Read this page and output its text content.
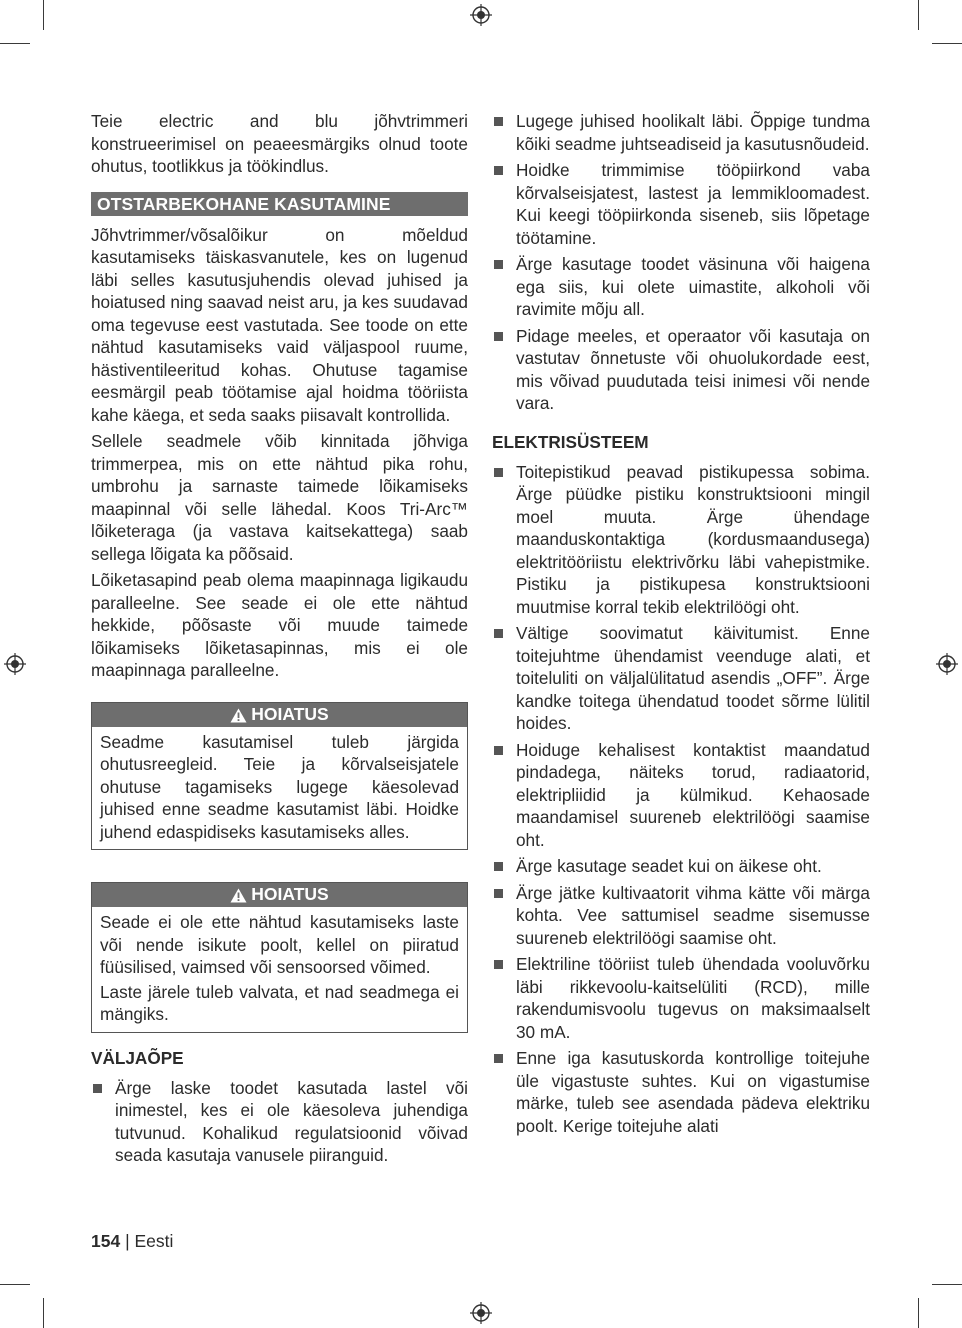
Teie electric and blu jõhvtrimmeri konstrueerimisel on peaeesmärgiks olnud toote ohutus, tootlikkus ja töökindlus.

OTSTARBEKOHANE KASUTAMINE

Jõhvtrimmer/võsalõikur on mõeldud kasutamiseks täiskasvanutele, kes on lugenud läbi selles kasutusjuhendis olevad juhised ja hoiatused ning saavad neist aru, ja kes suudavad oma tegevuse eest vastutada. See toode on ette nähtud kasutamiseks vaid väljaspool ruume, hästiventileeritud kohas. Ohutuse tagamise eesmärgil peab töötamise ajal hoidma tööriista kahe käega, et seda saaks piisavalt kontrollida.

Sellele seadmele võib kinnitada jõhviga trimmerpea, mis on ette nähtud pika rohu, umbrohu ja sarnaste taimede lõikamiseks maapinnal või selle lähedal. Koos Tri-Arc™ lõiketeraga (ja vastava kaitsekattega) saab sellega lõigata ka põõsaid.

Lõiketasapind peab olema maapinnaga ligikaudu paralleelne. See seade ei ole ette nähtud hekkide, põõsaste või muude taimede lõikamiseks lõiketasapinnas, mis ei ole maapinnaga paralleelne.

HOIATUS

Seadme kasutamisel tuleb järgida ohutusreegleid. Teie ja kõrvalseisjatele ohutuse tagamiseks lugege käesolevad juhised enne seadme kasutamist läbi. Hoidke juhend edaspidiseks kasutamiseks alles.

HOIATUS

Seade ei ole ette nähtud kasutamiseks laste või nende isikute poolt, kellel on piiratud füüsilised, vaimsed või sensoorsed võimed.

Laste järele tuleb valvata, et nad seadmega ei mängiks.

VÄLJAÕPE
Ärge laske toodet kasutada lastel või inimestel, kes ei ole käesoleva juhendiga tutvunud. Kohalikud regulatsioonid võivad seada kasutaja vanusele piiranguid.
Lugege juhised hoolikalt läbi. Õppige tundma kõiki seadme juhtseadiseid ja kasutusnõudeid.
Hoidke trimmimise tööpiirkond vaba kõrvalseisjatest, lastest ja lemmikloomadest. Kui keegi tööpiirkonda siseneb, siis lõpetage töötamine.
Ärge kasutage toodet väsinuna või haigena ega siis, kui olete uimastite, alkoholi või ravimite mõju all.
Pidage meeles, et operaator või kasutaja on vastutav õnnetuste või ohuolukordade eest, mis võivad puudutada teisi inimesi või nende vara.
ELEKTRISÜSTEEM
Toitepistikud peavad pistikupessa sobima. Ärge püüdke pistiku konstruktsiooni mingil moel muuta. Ärge ühendage maanduskontaktiga (kordusmaandusega) elektritööriistu elektrivõrku läbi vahepistmike. Pistiku ja pistikupesa konstruktsiooni muutmise korral tekib elektrilöögi oht.
Vältige soovimatut käivitumist. Enne toitejuhtme ühendamist veenduge alati, et toiteluliti on väljalülitatud asendis „OFF”. Ärge kandke toitega ühendatud toodet sõrme lülitil hoides.
Hoiduge kehalisest kontaktist maandatud pindadega, näiteks torud, radiaatorid, elektripliidid ja külmikud. Kehaosade maandamisel suureneb elektrilöögi saamise oht.
Ärge kasutage seadet kui on äikese oht.
Ärge jätke kultivaatorit vihma kätte või märga kohta. Vee sattumisel seadme sisemusse suureneb elektrilöögi saamise oht.
Elektriline tööriist tuleb ühendada vooluvõrku läbi rikkevoolu-kaitselüliti (RCD), mille rakendumisvoolu tugevus on maksimaalselt 30 mA.
Enne iga kasutuskorda kontrollige toitejuhe üle vigastuste suhtes. Kui on vigastumise märke, tuleb see asendada pädeva elektriku poolt. Kerige toitejuhe alati
154 | Eesti
